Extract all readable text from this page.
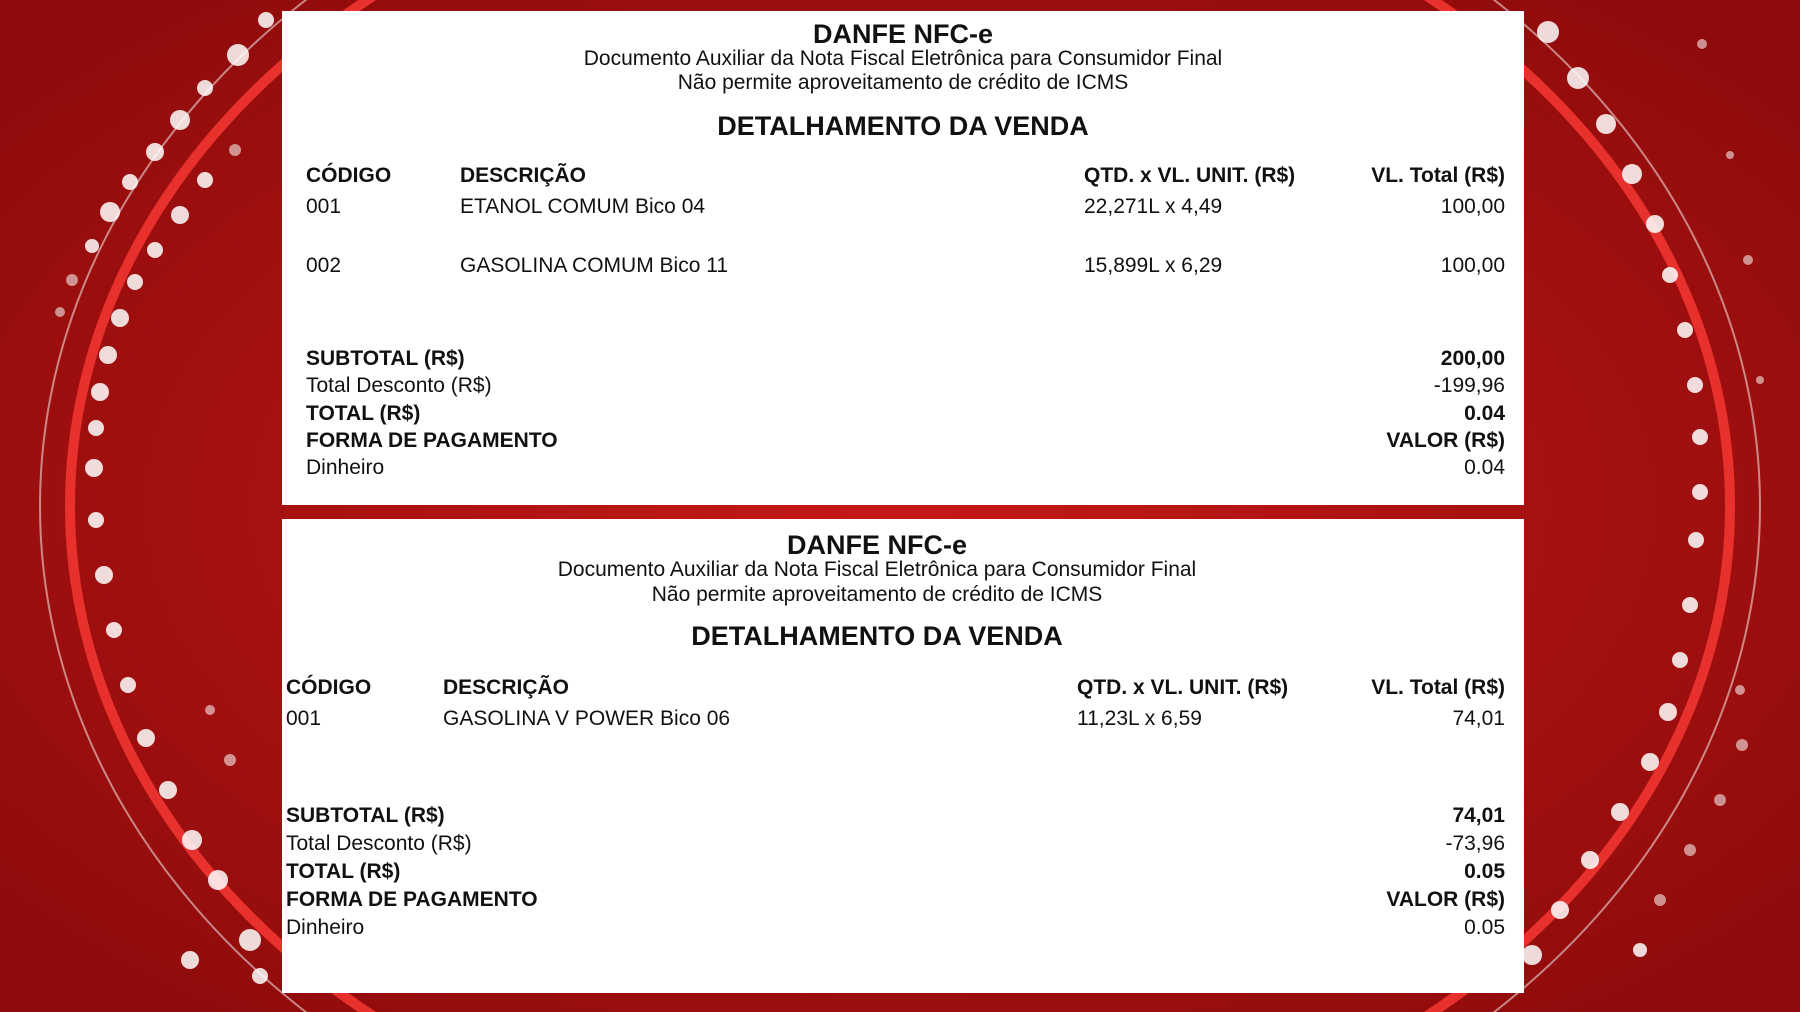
DANFE NFC-e
Documento Auxiliar da Nota Fiscal Eletrônica para Consumidor Final
Não permite aproveitamento de crédito de ICMS
DETALHAMENTO DA VENDA
CÓDIGO	DESCRIÇÃO	QTD. x VL. UNIT. (R$)	VL. Total (R$)
001	ETANOL COMUM Bico 04	22,271L x 4,49	100,00
002	GASOLINA COMUM Bico 11	15,899L x 6,29	100,00
SUBTOTAL (R$)	200,00
Total Desconto (R$)	-199,96
TOTAL (R$)	0.04
FORMA DE PAGAMENTO	VALOR (R$)
Dinheiro	0.04
DANFE NFC-e
Documento Auxiliar da Nota Fiscal Eletrônica para Consumidor Final
Não permite aproveitamento de crédito de ICMS
DETALHAMENTO DA VENDA
CÓDIGO	DESCRIÇÃO	QTD. x VL. UNIT. (R$)	VL. Total (R$)
001	GASOLINA V POWER Bico 06	11,23L x 6,59	74,01
SUBTOTAL (R$)	74,01
Total Desconto (R$)	-73,96
TOTAL (R$)	0.05
FORMA DE PAGAMENTO	VALOR (R$)
Dinheiro	0.05
